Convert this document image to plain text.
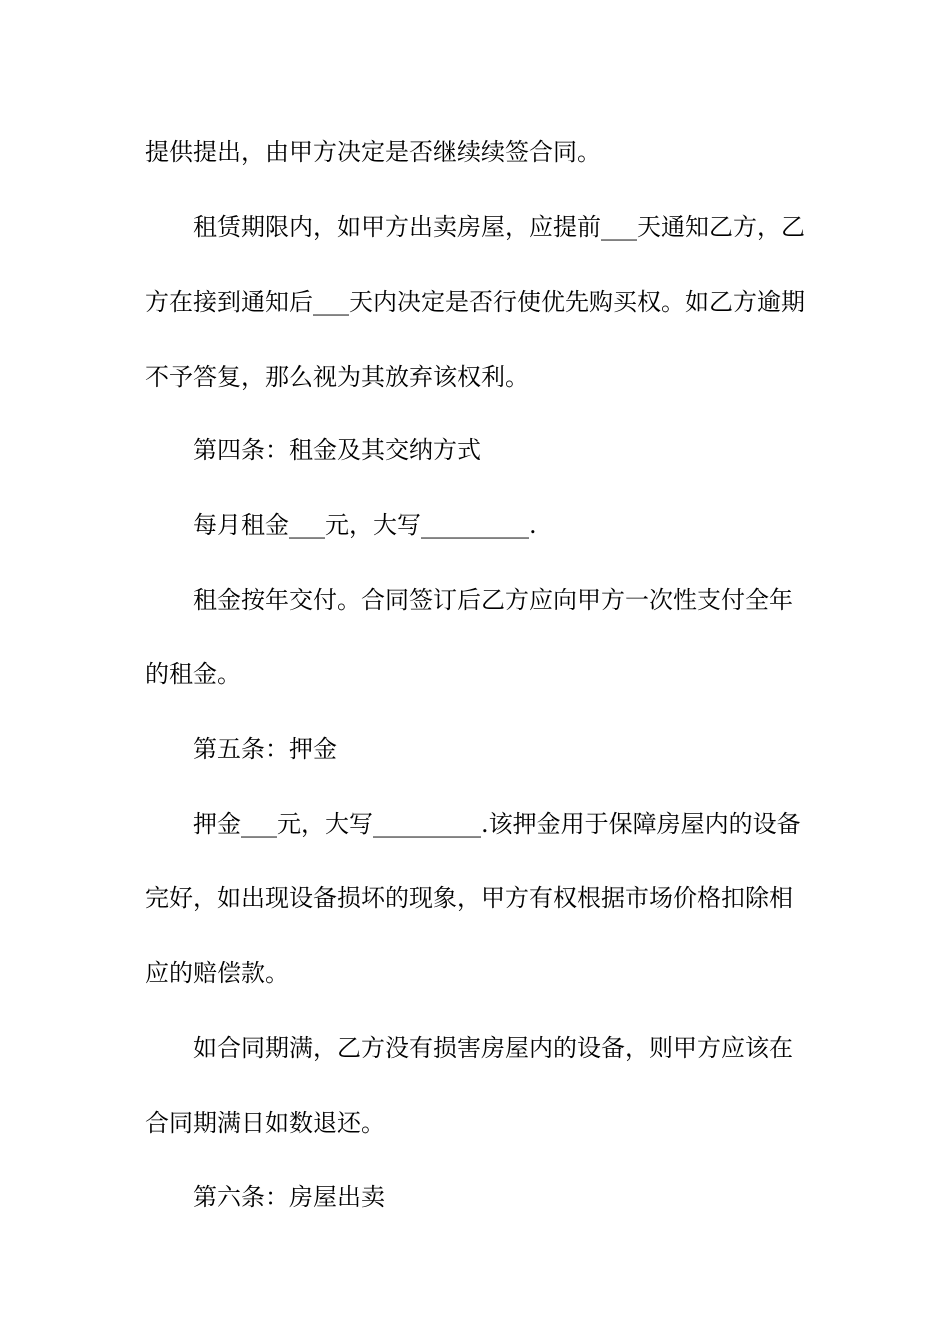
提供提出，由甲方决定是否继续续签合同。
租赁期限内，如甲方出卖房屋，应提前___天通知乙方，乙
方在接到通知后___天内决定是否行使优先购买权。如乙方逾期
不予答复，那么视为其放弃该权利。
第四条：租金及其交纳方式
每月租金___元，大写_________.
租金按年交付。合同签订后乙方应向甲方一次性支付全年
的租金。
第五条：押金
押金___元，大写_________.该押金用于保障房屋内的设备
完好，如出现设备损坏的现象，甲方有权根据市场价格扣除相
应的赔偿款。
如合同期满，乙方没有损害房屋内的设备，则甲方应该在
合同期满日如数退还。
第六条：房屋出卖
